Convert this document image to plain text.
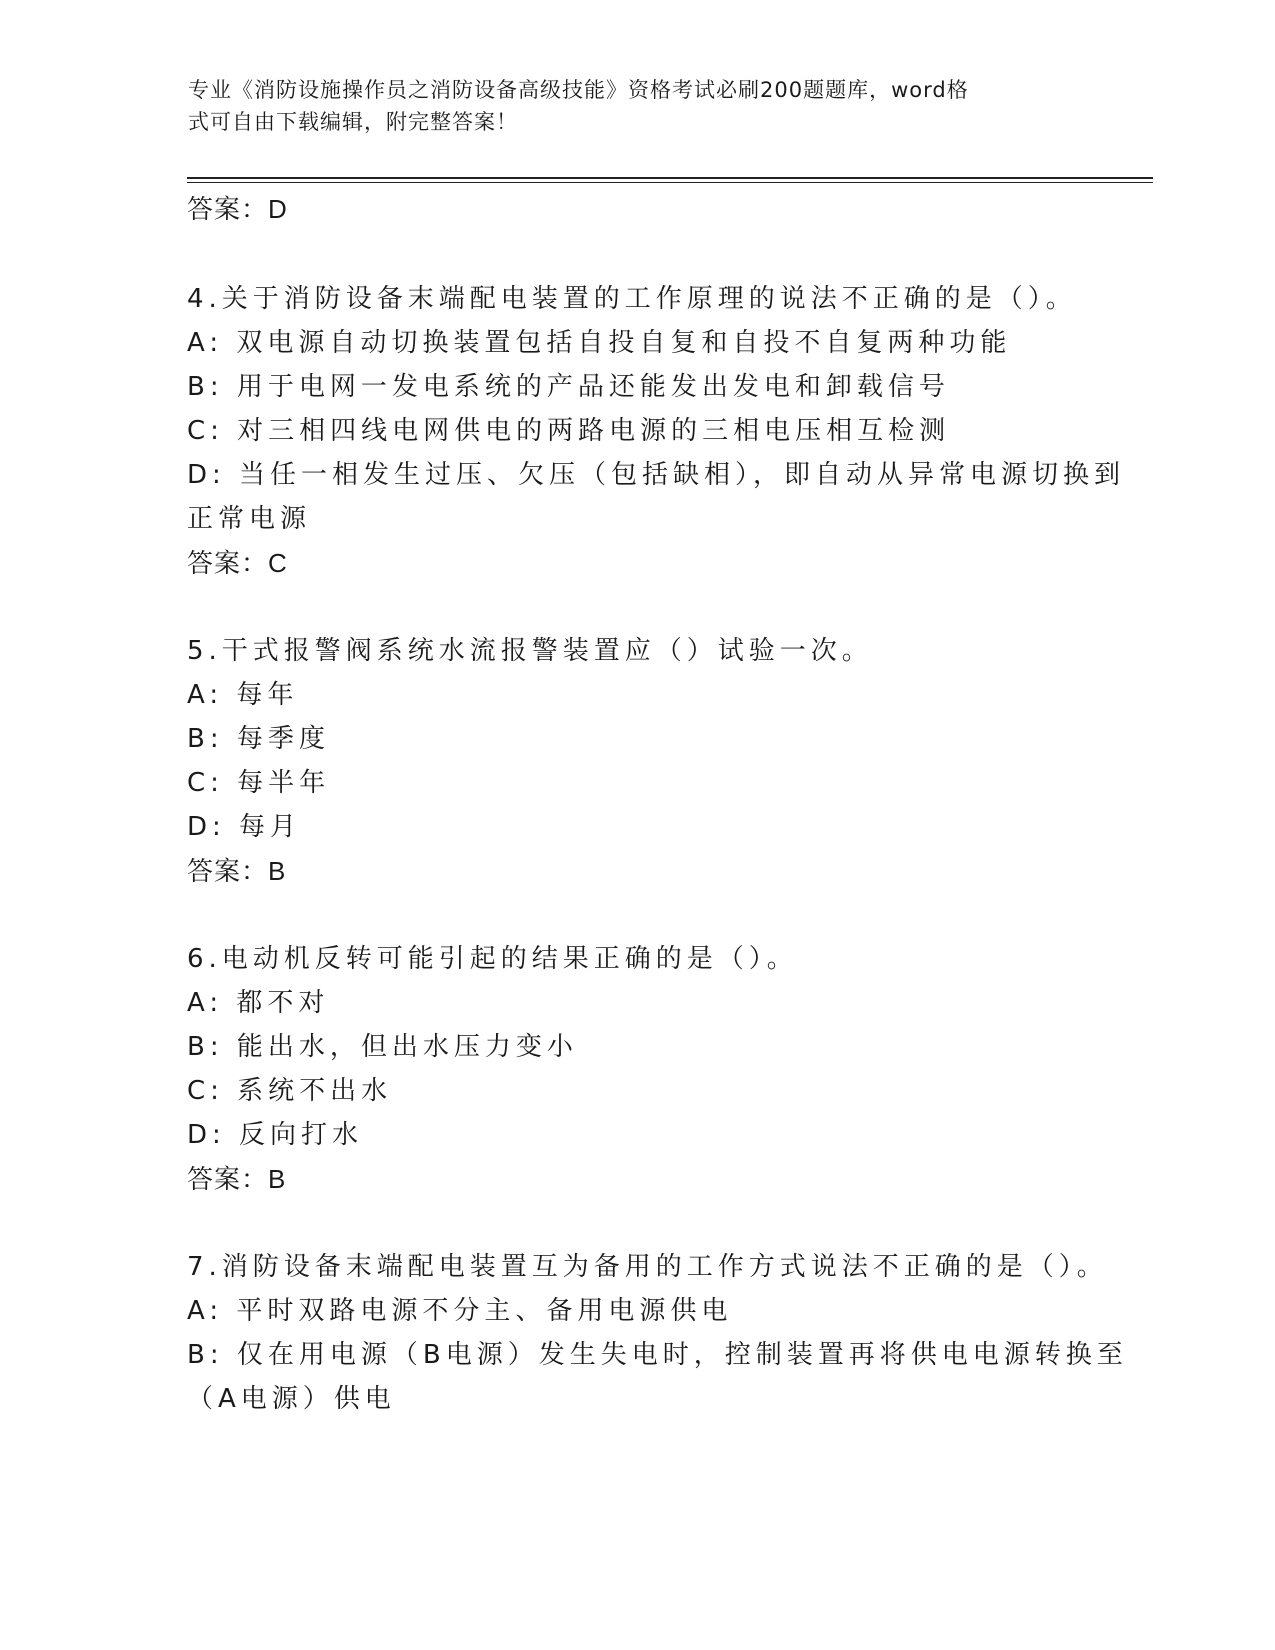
专业《消防设施操作员之消防设备高级技能》资格考试必刷200题题库，word格
式可自由下载编辑，附完整答案！
答案：D
4.关于消防设备末端配电装置的工作原理的说法不正确的是（）。
A: 双电源自动切换装置包括自投自复和自投不自复两种功能
B: 用于电网一发电系统的产品还能发出发电和卸载信号
C: 对三相四线电网供电的两路电源的三相电压相互检测
D: 当任一相发生过压、欠压（包括缺相），即自动从异常电源切换到
正常电源
答案：C
5.干式报警阀系统水流报警装置应（）试验一次。
A: 每年
B: 每季度
C: 每半年
D: 每月
答案：B
6.电动机反转可能引起的结果正确的是（）。
A: 都不对
B: 能出水，但出水压力变小
C: 系统不出水
D: 反向打水
答案：B
7.消防设备末端配电装置互为备用的工作方式说法不正确的是（）。
A: 平时双路电源不分主、备用电源供电
B: 仅在用电源（B电源）发生失电时，控制装置再将供电电源转换至
（A电源）供电
